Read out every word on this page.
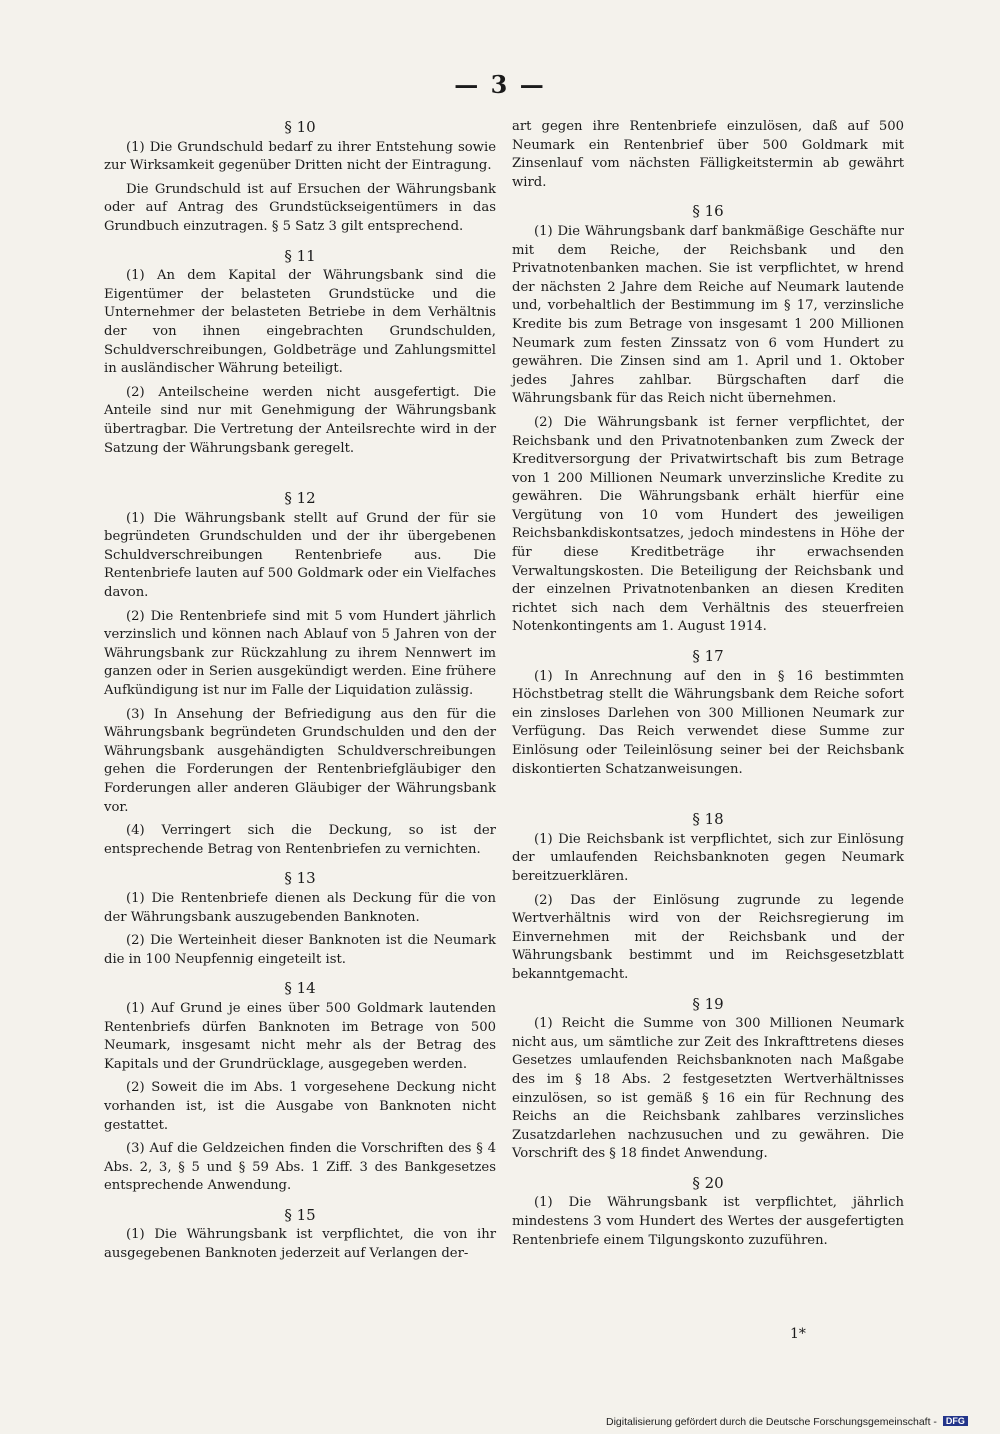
— 3 —
§ 10

(1) Die Grundschuld bedarf zu ihrer Entstehung sowie zur Wirksamkeit gegenüber Dritten nicht der Eintragung.

Die Grundschuld ist auf Ersuchen der Währungsbank oder auf Antrag des Grundstückseigentümers in das Grundbuch einzutragen. § 5 Satz 3 gilt entsprechend.

§ 11

(1) An dem Kapital der Währungsbank sind die Eigentümer der belasteten Grundstücke und die Unternehmer der belasteten Betriebe in dem Verhältnis der von ihnen eingebrachten Grundschulden, Schuldverschreibungen, Goldbeträge und Zahlungsmittel in ausländischer Währung beteiligt.

(2) Anteilscheine werden nicht ausgefertigt. Die Anteile sind nur mit Genehmigung der Währungsbank übertragbar. Die Vertretung der Anteilsrechte wird in der Satzung der Währungsbank geregelt.

§ 12

(1) Die Währungsbank stellt auf Grund der für sie begründeten Grundschulden und der ihr übergebenen Schuldverschreibungen Rentenbriefe aus. Die Rentenbriefe lauten auf 500 Goldmark oder ein Vielfaches davon.

(2) Die Rentenbriefe sind mit 5 vom Hundert jährlich verzinslich und können nach Ablauf von 5 Jahren von der Währungsbank zur Rückzahlung zu ihrem Nennwert im ganzen oder in Serien ausgekündigt werden. Eine frühere Aufkündigung ist nur im Falle der Liquidation zulässig.

(3) In Ansehung der Befriedigung aus den für die Währungsbank begründeten Grundschulden und den der Währungsbank ausgehändigten Schuldverschreibungen gehen die Forderungen der Rentenbriefgläubiger den Forderungen aller anderen Gläubiger der Währungsbank vor.

(4) Verringert sich die Deckung, so ist der entsprechende Betrag von Rentenbriefen zu vernichten.

§ 13

(1) Die Rentenbriefe dienen als Deckung für die von der Währungsbank auszugebenden Banknoten.

(2) Die Werteinheit dieser Banknoten ist die Neumark die in 100 Neupfennig eingeteilt ist.

§ 14

(1) Auf Grund je eines über 500 Goldmark lautenden Rentenbriefs dürfen Banknoten im Betrage von 500 Neumark, insgesamt nicht mehr als der Betrag des Kapitals und der Grundrücklage, ausgegeben werden.

(2) Soweit die im Abs. 1 vorgesehene Deckung nicht vorhanden ist, ist die Ausgabe von Banknoten nicht gestattet.

(3) Auf die Geldzeichen finden die Vorschriften des § 4 Abs. 2, 3, § 5 und § 59 Abs. 1 Ziff. 3 des Bankgesetzes entsprechende Anwendung.

§ 15

(1) Die Währungsbank ist verpflichtet, die von ihr ausgegebenen Banknoten jederzeit auf Verlangen der-

art gegen ihre Rentenbriefe einzulösen, daß auf 500 Neumark ein Rentenbrief über 500 Goldmark mit Zinsenlauf vom nächsten Fälligkeitstermin ab gewährt wird.

§ 16

(1) Die Währungsbank darf bankmäßige Geschäfte nur mit dem Reiche, der Reichsbank und den Privatnotenbanken machen. Sie ist verpflichtet, w hrend der nächsten 2 Jahre dem Reiche auf Neumark lautende und, vorbehaltlich der Bestimmung im § 17, verzinsliche Kredite bis zum Betrage von insgesamt 1 200 Millionen Neumark zum festen Zinssatz von 6 vom Hundert zu gewähren. Die Zinsen sind am 1. April und 1. Oktober jedes Jahres zahlbar. Bürgschaften darf die Währungsbank für das Reich nicht übernehmen.

(2) Die Währungsbank ist ferner verpflichtet, der Reichsbank und den Privatnotenbanken zum Zweck der Kreditversorgung der Privatwirtschaft bis zum Betrage von 1 200 Millionen Neumark unverzinsliche Kredite zu gewähren. Die Währungsbank erhält hierfür eine Vergütung von 10 vom Hundert des jeweiligen Reichsbankdiskontsatzes, jedoch mindestens in Höhe der für diese Kreditbeträge ihr erwachsenden Verwaltungskosten. Die Beteiligung der Reichsbank und der einzelnen Privatnotenbanken an diesen Krediten richtet sich nach dem Verhältnis des steuerfreien Notenkontingents am 1. August 1914.

§ 17

(1) In Anrechnung auf den in § 16 bestimmten Höchstbetrag stellt die Währungsbank dem Reiche sofort ein zinsloses Darlehen von 300 Millionen Neumark zur Verfügung. Das Reich verwendet diese Summe zur Einlösung oder Teileinlösung seiner bei der Reichsbank diskontierten Schatzanweisungen.

§ 18

(1) Die Reichsbank ist verpflichtet, sich zur Einlösung der umlaufenden Reichsbanknoten gegen Neumark bereitzuerklären.

(2) Das der Einlösung zugrunde zu legende Wertverhältnis wird von der Reichsregierung im Einvernehmen mit der Reichsbank und der Währungsbank bestimmt und im Reichsgesetzblatt bekanntgemacht.

§ 19

(1) Reicht die Summe von 300 Millionen Neumark nicht aus, um sämtliche zur Zeit des Inkrafttretens dieses Gesetzes umlaufenden Reichsbanknoten nach Maßgabe des im § 18 Abs. 2 festgesetzten Wertverhältnisses einzulösen, so ist gemäß § 16 ein für Rechnung des Reichs an die Reichsbank zahlbares verzinsliches Zusatzdarlehen nachzusuchen und zu gewähren. Die Vorschrift des § 18 findet Anwendung.

§ 20

(1) Die Währungsbank ist verpflichtet, jährlich mindestens 3 vom Hundert des Wertes der ausgefertigten Rentenbriefe einem Tilgungskonto zuzuführen.

1*
Digitalisierung gefördert durch die Deutsche Forschungsgemeinschaft - DFG
